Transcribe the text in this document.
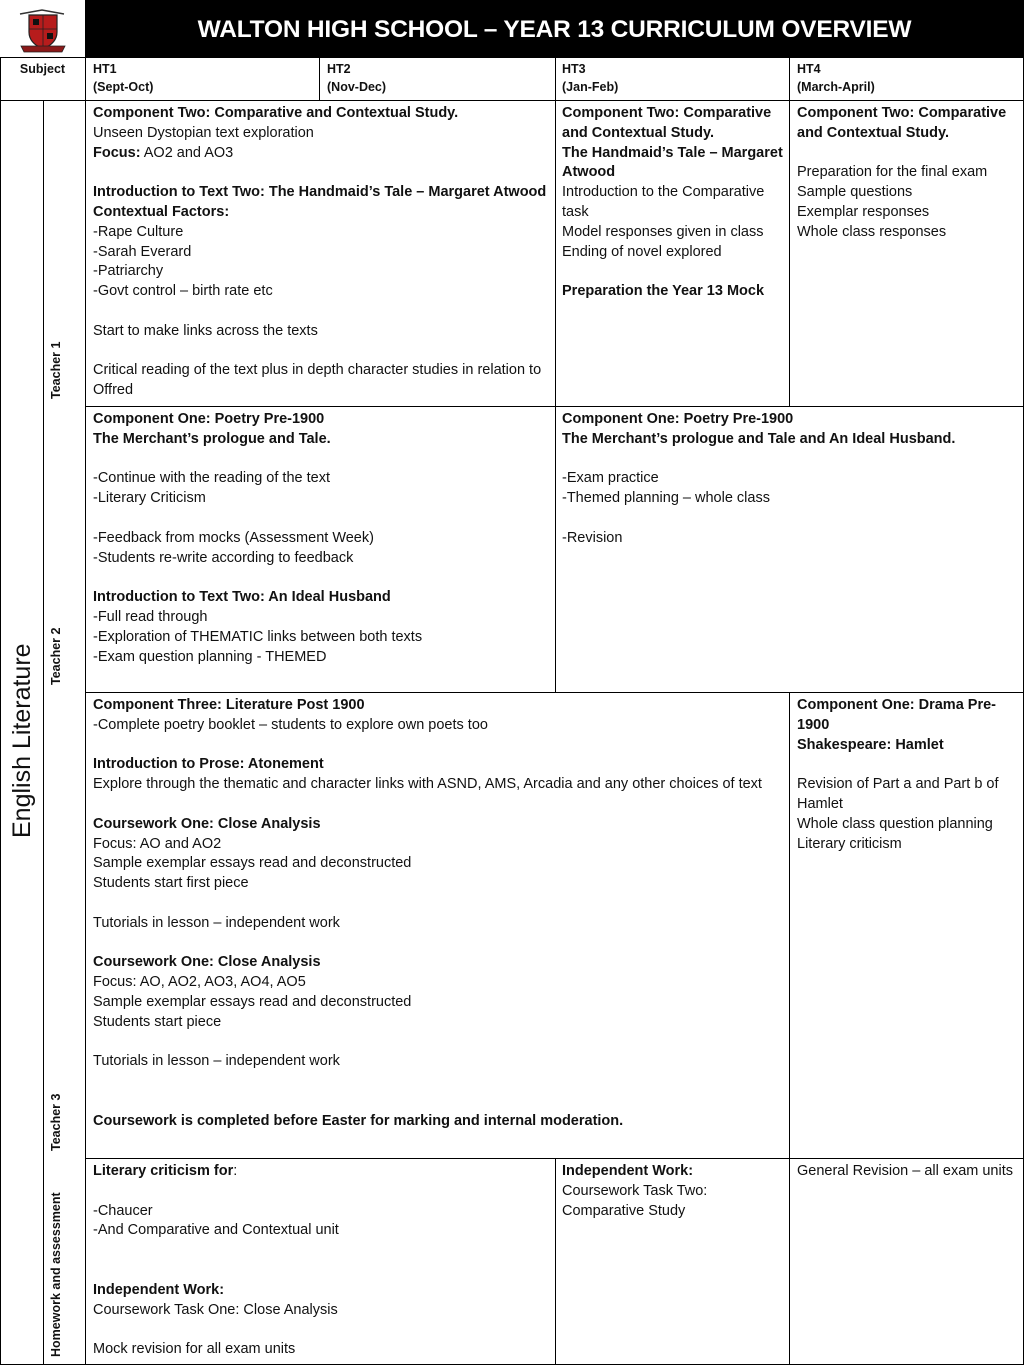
WALTON HIGH SCHOOL – YEAR 13 CURRICULUM OVERVIEW
Subject	HT1
(Sept-Oct)
HT2
(Nov-Dec)
HT3
(Jan-Feb)
HT4
(March-April)
English Literature
Teacher 1
Teacher 2
Teacher 3
Homework and assessment
Component Two: Comparative and Contextual Study.
Unseen Dystopian text exploration
Focus: AO2 and AO3
Introduction to Text Two: The Handmaid’s Tale – Margaret Atwood
Contextual Factors:
-Rape Culture
-Sarah Everard
-Patriarchy
-Govt control – birth rate etc
Start to make links across the texts
Critical reading of the text plus in depth character studies in relation to Offred
Component Two: Comparative and Contextual Study.
The Handmaid’s Tale – Margaret Atwood
Introduction to the Comparative task
Model responses given in class
Ending of novel explored
Preparation the Year 13 Mock
Component Two: Comparative and Contextual Study.
Preparation for the final exam
Sample questions
Exemplar responses
Whole class responses
Component One: Poetry Pre-1900
The Merchant’s prologue and Tale.
-Continue with the reading of the text
-Literary Criticism
-Feedback from mocks (Assessment Week)
-Students re-write according to feedback
Introduction to Text Two: An Ideal Husband
-Full read through
-Exploration of THEMATIC links between both texts
-Exam question planning - THEMED
Component One: Poetry Pre-1900
The Merchant’s prologue and Tale and An Ideal Husband.
-Exam practice
-Themed planning – whole class
-Revision
Component Three: Literature Post 1900
-Complete poetry booklet – students to explore own poets too
Introduction to Prose: Atonement
Explore through the thematic and character links with ASND, AMS, Arcadia and any other choices of text
Coursework One: Close Analysis
Focus: AO and AO2
Sample exemplar essays read and deconstructed
Students start first piece
Tutorials in lesson – independent work
Coursework One: Close Analysis
Focus: AO, AO2, AO3, AO4, AO5
Sample exemplar essays read and deconstructed
Students start piece
Tutorials in lesson – independent work
Coursework is completed before Easter for marking and internal moderation.
Component One: Drama Pre-1900
Shakespeare: Hamlet
Revision of Part a and Part b of Hamlet
Whole class question planning
Literary criticism
Literary criticism for:
-Chaucer
-And Comparative and Contextual unit
Independent Work:
Coursework Task One: Close Analysis
Mock revision for all exam units
Independent Work:
Coursework Task Two: Comparative Study
General Revision – all exam units
